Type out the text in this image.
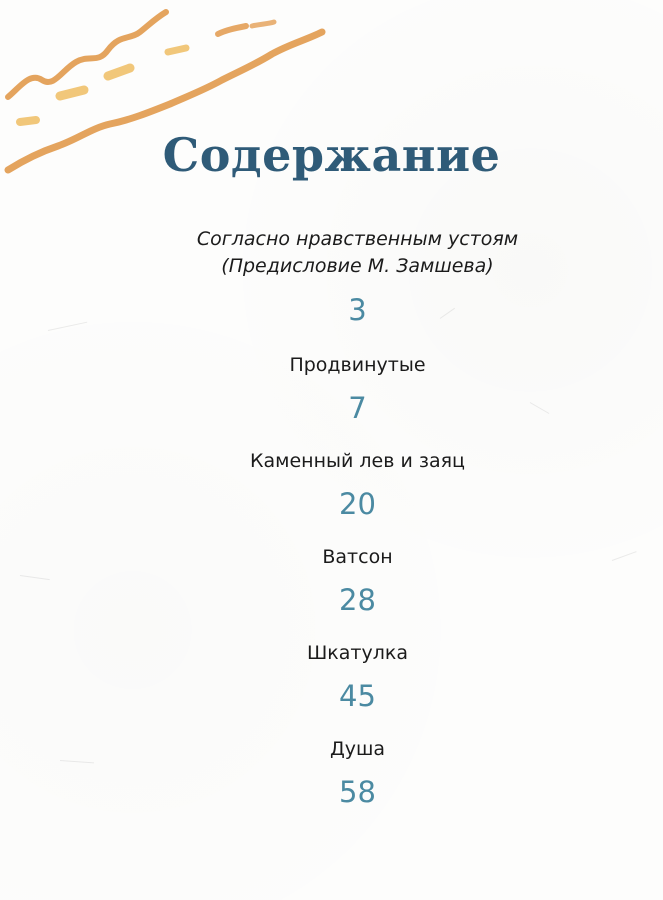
Содержание

Согласно нравственным устоям
(Предисловие М. Замшева)

3

Продвинутые

7

Каменный лев и заяц

20

Ватсон

28

Шкатулка

45

Душа

58
